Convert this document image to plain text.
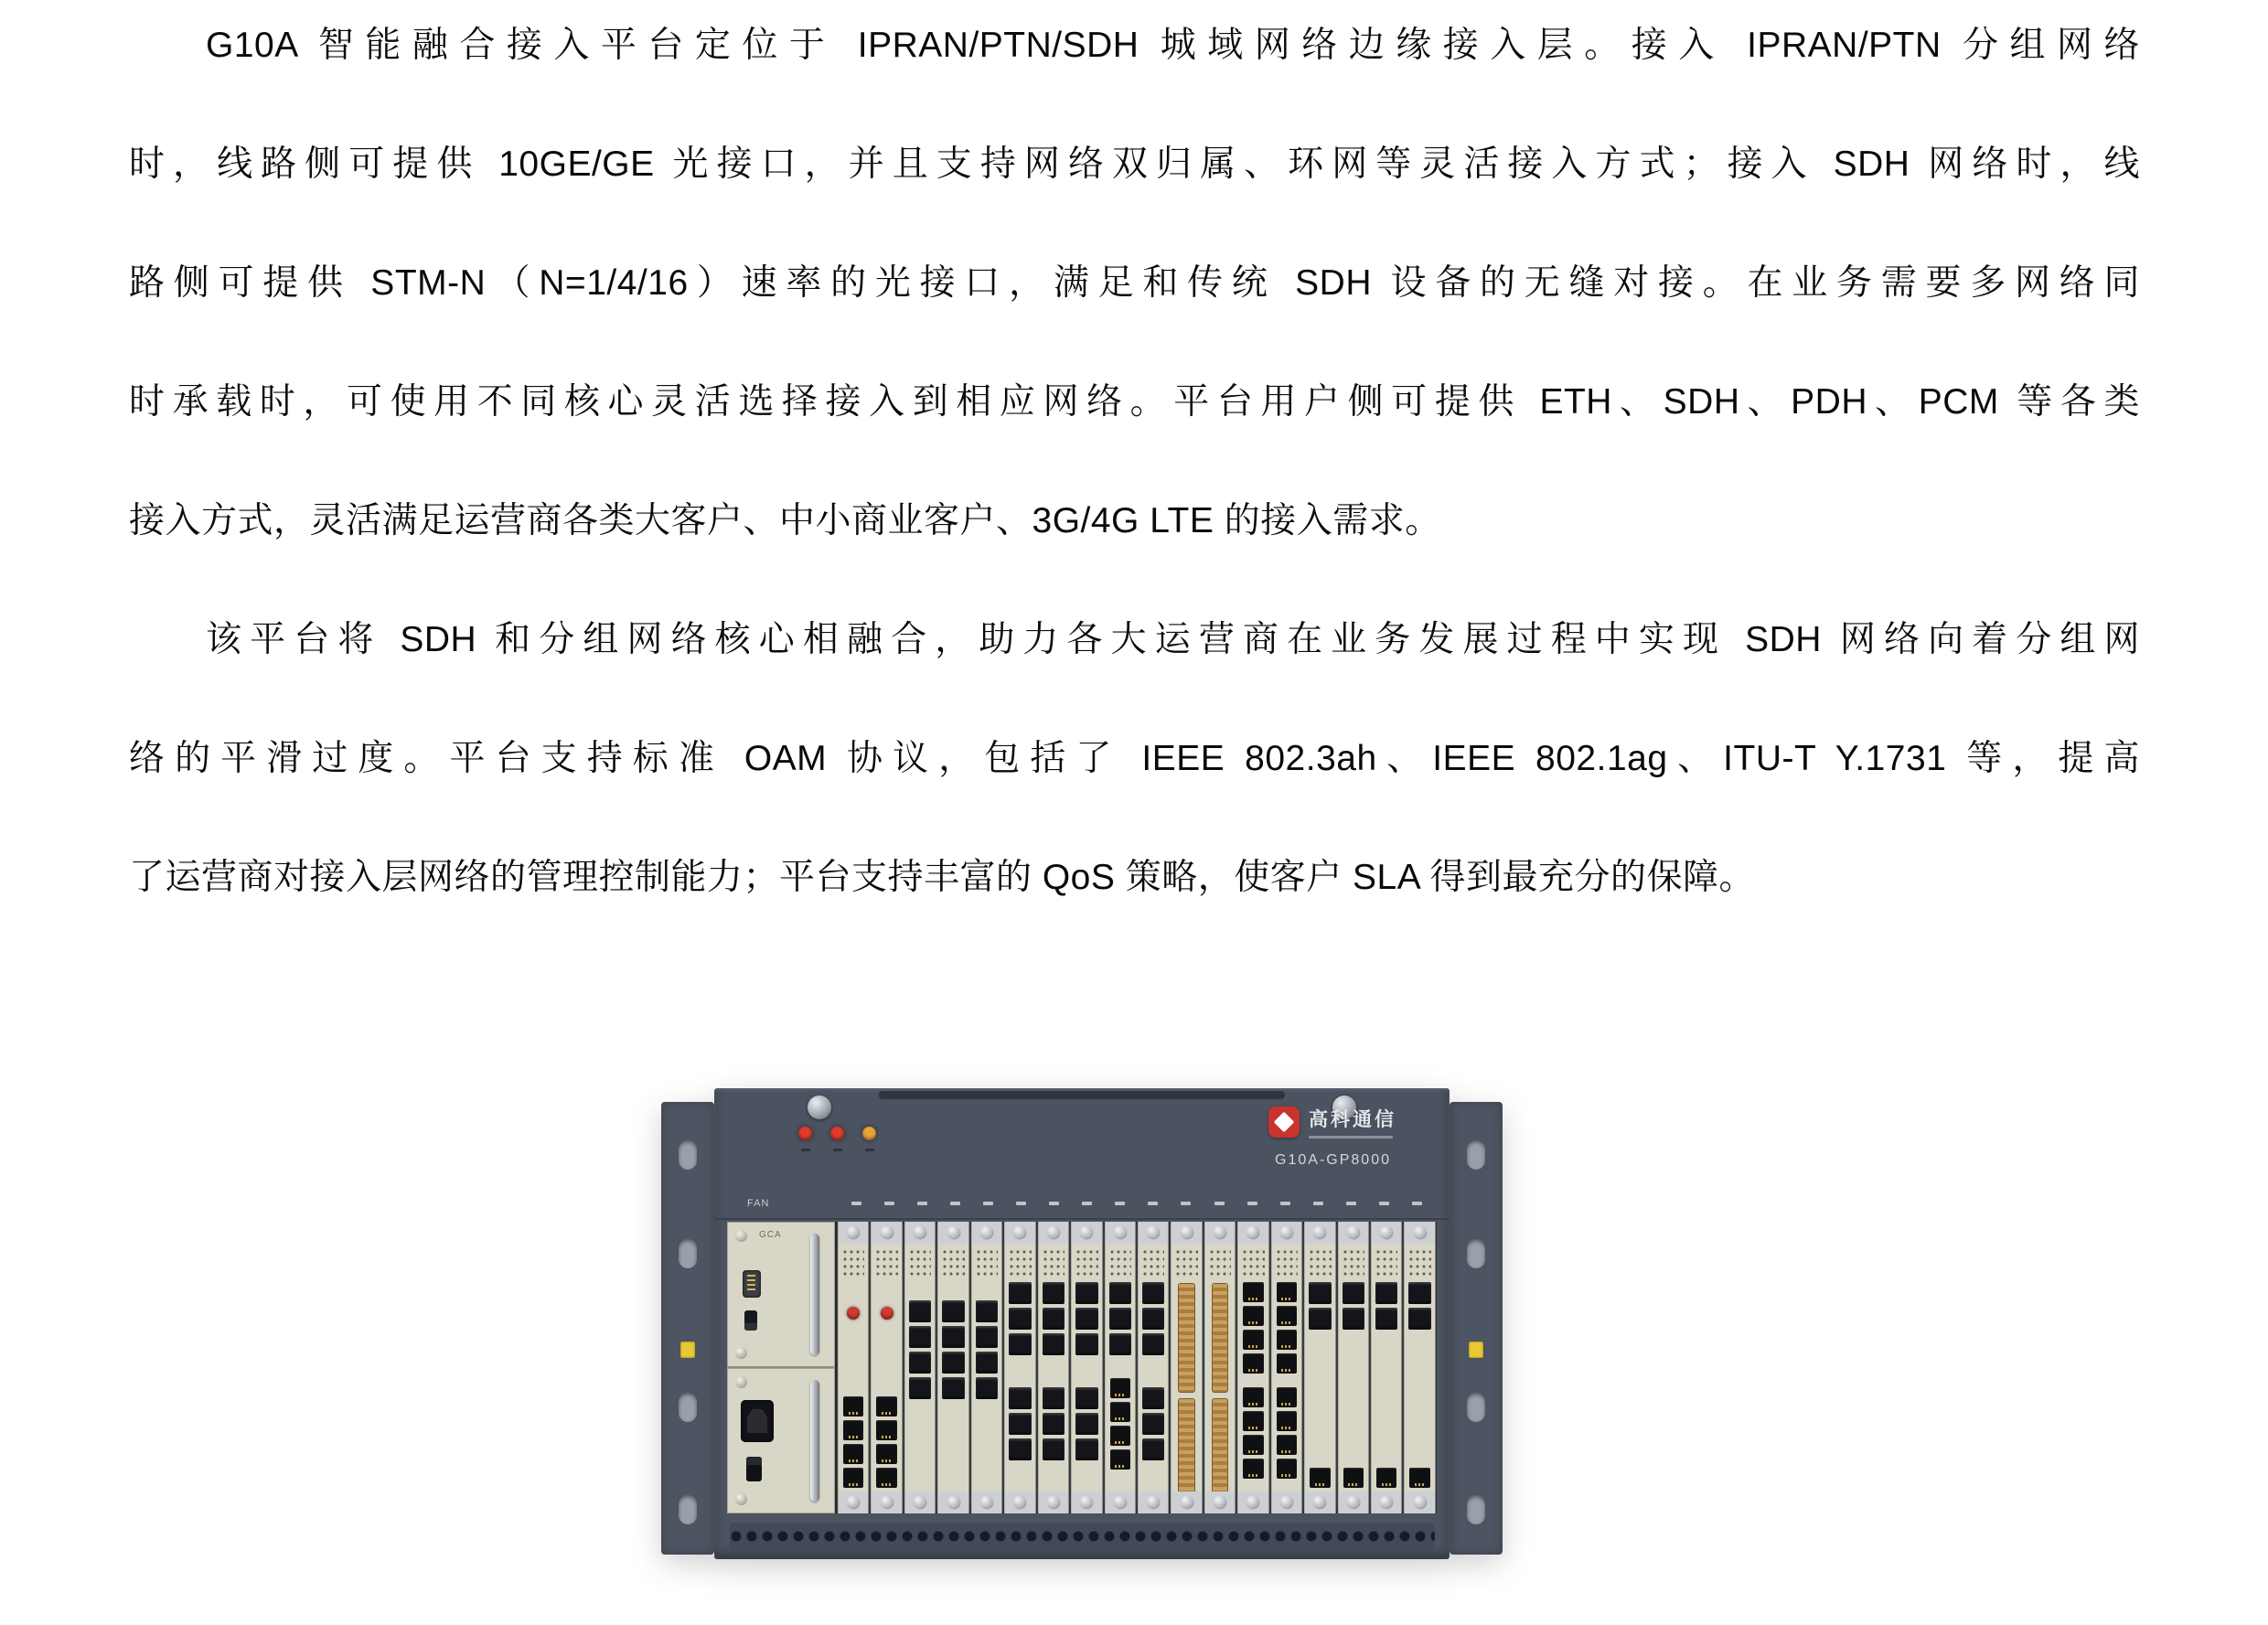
G10A 智能融合接入平台定位于 IPRAN/PTN/SDH 城域网络边缘接入层。接入 IPRAN/PTN 分组网络
时，线路侧可提供 10GE/GE 光接口，并且支持网络双归属、环网等灵活接入方式；接入 SDH 网络时，线
路侧可提供 STM-N（N=1/4/16）速率的光接口，满足和传统 SDH 设备的无缝对接。在业务需要多网络同
时承载时，可使用不同核心灵活选择接入到相应网络。平台用户侧可提供 ETH、SDH、PDH、PCM 等各类
接入方式，灵活满足运营商各类大客户、中小商业客户、3G/4G LTE 的接入需求。
该平台将 SDH 和分组网络核心相融合，助力各大运营商在业务发展过程中实现 SDH 网络向着分组网
络的平滑过度。平台支持标准 OAM 协议，包括了 IEEE 802.3ah、IEEE 802.1ag、ITU-T Y.1731 等，提高
了运营商对接入层网络的管理控制能力；平台支持丰富的 QoS 策略，使客户 SLA 得到最充分的保障。
高科通信
G10A-GP8000
FAN
GCA
